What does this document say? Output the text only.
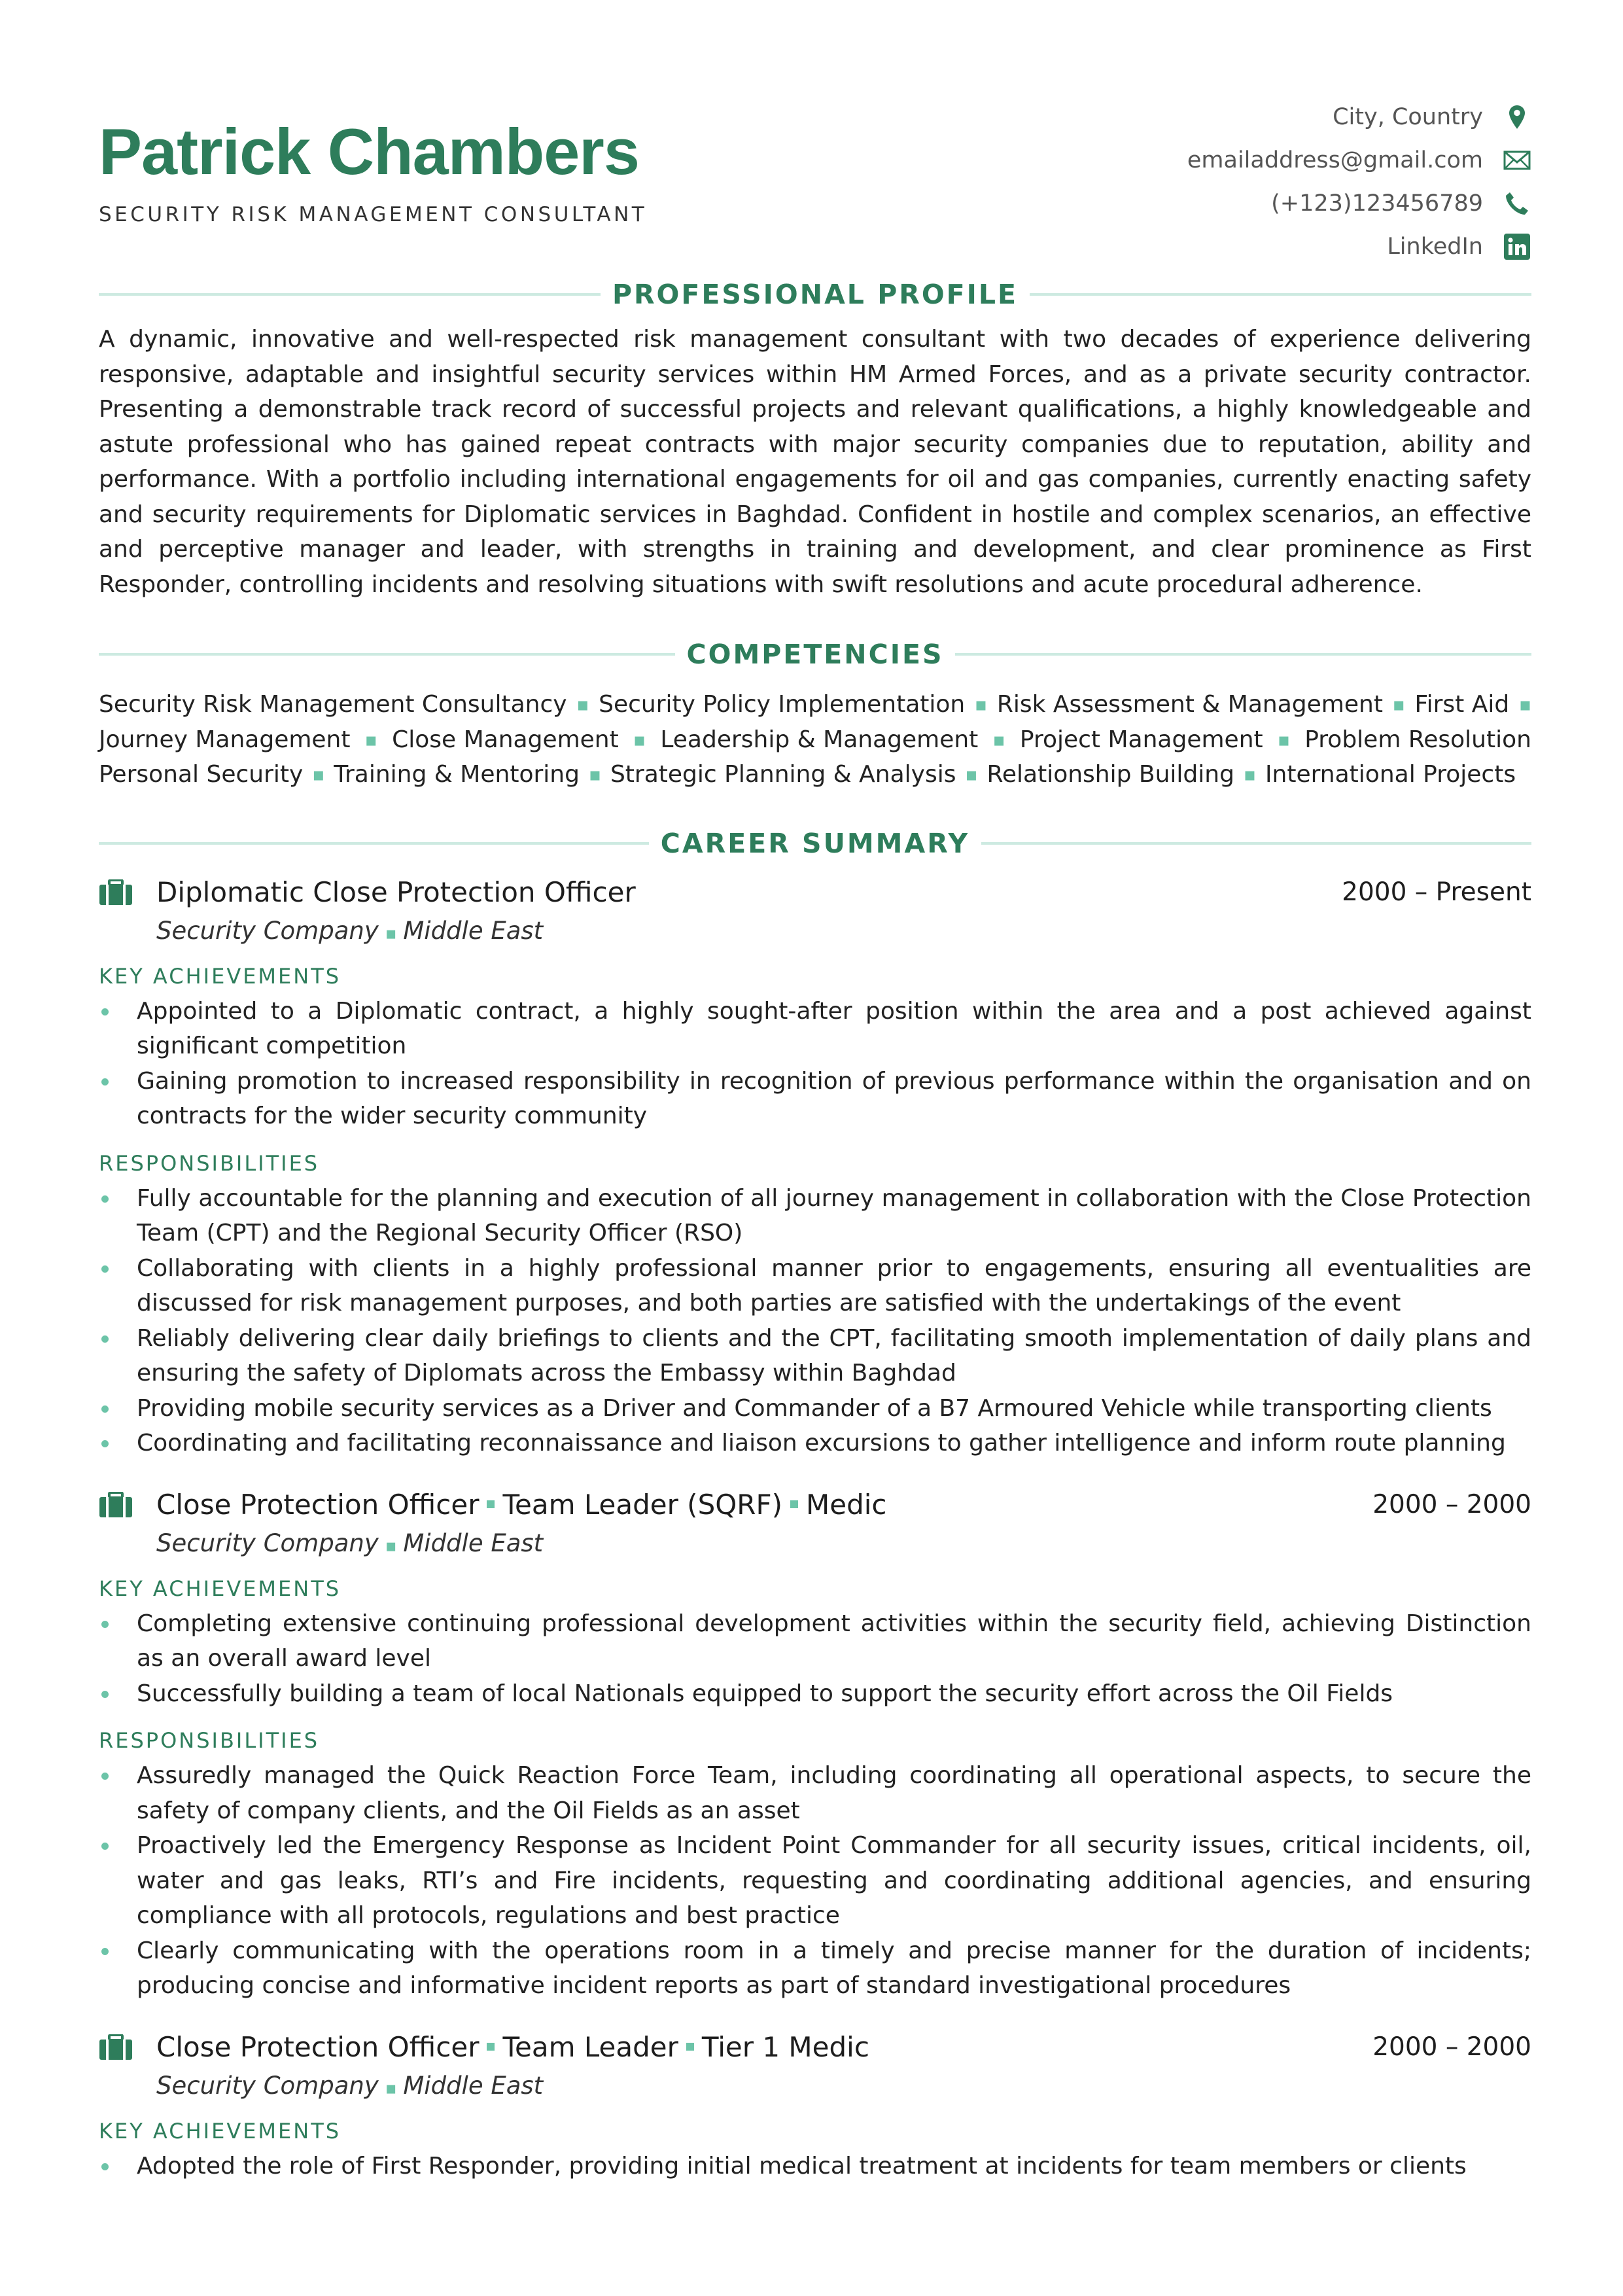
Patrick Chambers
SECURITY RISK MANAGEMENT CONSULTANT
City, Country
emailaddress@gmail.com
(+123)123456789
LinkedIn
PROFESSIONAL PROFILE
A dynamic, innovative and well-respected risk management consultant with two decades of experience delivering responsive, adaptable and insightful security services within HM Armed Forces, and as a private security contractor. Presenting a demonstrable track record of successful projects and relevant qualifications, a highly knowledgeable and astute professional who has gained repeat contracts with major security companies due to reputation, ability and performance. With a portfolio including international engagements for oil and gas companies, currently enacting safety and security requirements for Diplomatic services in Baghdad. Confident in hostile and complex scenarios, an effective and perceptive manager and leader, with strengths in training and development, and clear prominence as First Responder, controlling incidents and resolving situations with swift resolutions and acute procedural adherence.
COMPETENCIES
Security Risk Management Consultancy ▪ Security Policy Implementation ▪ Risk Assessment & Management ▪ First Aid ▪
Journey Management ▪ Close Management ▪ Leadership & Management ▪ Project Management ▪ Problem Resolution
Personal Security ▪ Training & Mentoring ▪ Strategic Planning & Analysis ▪ Relationship Building ▪ International Projects
CAREER SUMMARY
Diplomatic Close Protection Officer	2000 – Present
Security Company ▪ Middle East
KEY ACHIEVEMENTS
Appointed to a Diplomatic contract, a highly sought-after position within the area and a post achieved against significant competition
Gaining promotion to increased responsibility in recognition of previous performance within the organisation and on contracts for the wider security community
RESPONSIBILITIES
Fully accountable for the planning and execution of all journey management in collaboration with the Close Protection Team (CPT) and the Regional Security Officer (RSO)
Collaborating with clients in a highly professional manner prior to engagements, ensuring all eventualities are discussed for risk management purposes, and both parties are satisfied with the undertakings of the event
Reliably delivering clear daily briefings to clients and the CPT, facilitating smooth implementation of daily plans and ensuring the safety of Diplomats across the Embassy within Baghdad
Providing mobile security services as a Driver and Commander of a B7 Armoured Vehicle while transporting clients
Coordinating and facilitating reconnaissance and liaison excursions to gather intelligence and inform route planning
Close Protection Officer Team Leader (SQRF) Medic	2000 – 2000
Security Company ▪ Middle East
KEY ACHIEVEMENTS
Completing extensive continuing professional development activities within the security field, achieving Distinction as an overall award level
Successfully building a team of local Nationals equipped to support the security effort across the Oil Fields
RESPONSIBILITIES
Assuredly managed the Quick Reaction Force Team, including coordinating all operational aspects, to secure the safety of company clients, and the Oil Fields as an asset
Proactively led the Emergency Response as Incident Point Commander for all security issues, critical incidents, oil, water and gas leaks, RTI’s and Fire incidents, requesting and coordinating additional agencies, and ensuring compliance with all protocols, regulations and best practice
Clearly communicating with the operations room in a timely and precise manner for the duration of incidents; producing concise and informative incident reports as part of standard investigational procedures
Close Protection Officer Team Leader Tier 1 Medic	2000 – 2000
Security Company ▪ Middle East
KEY ACHIEVEMENTS
Adopted the role of First Responder, providing initial medical treatment at incidents for team members or clients
